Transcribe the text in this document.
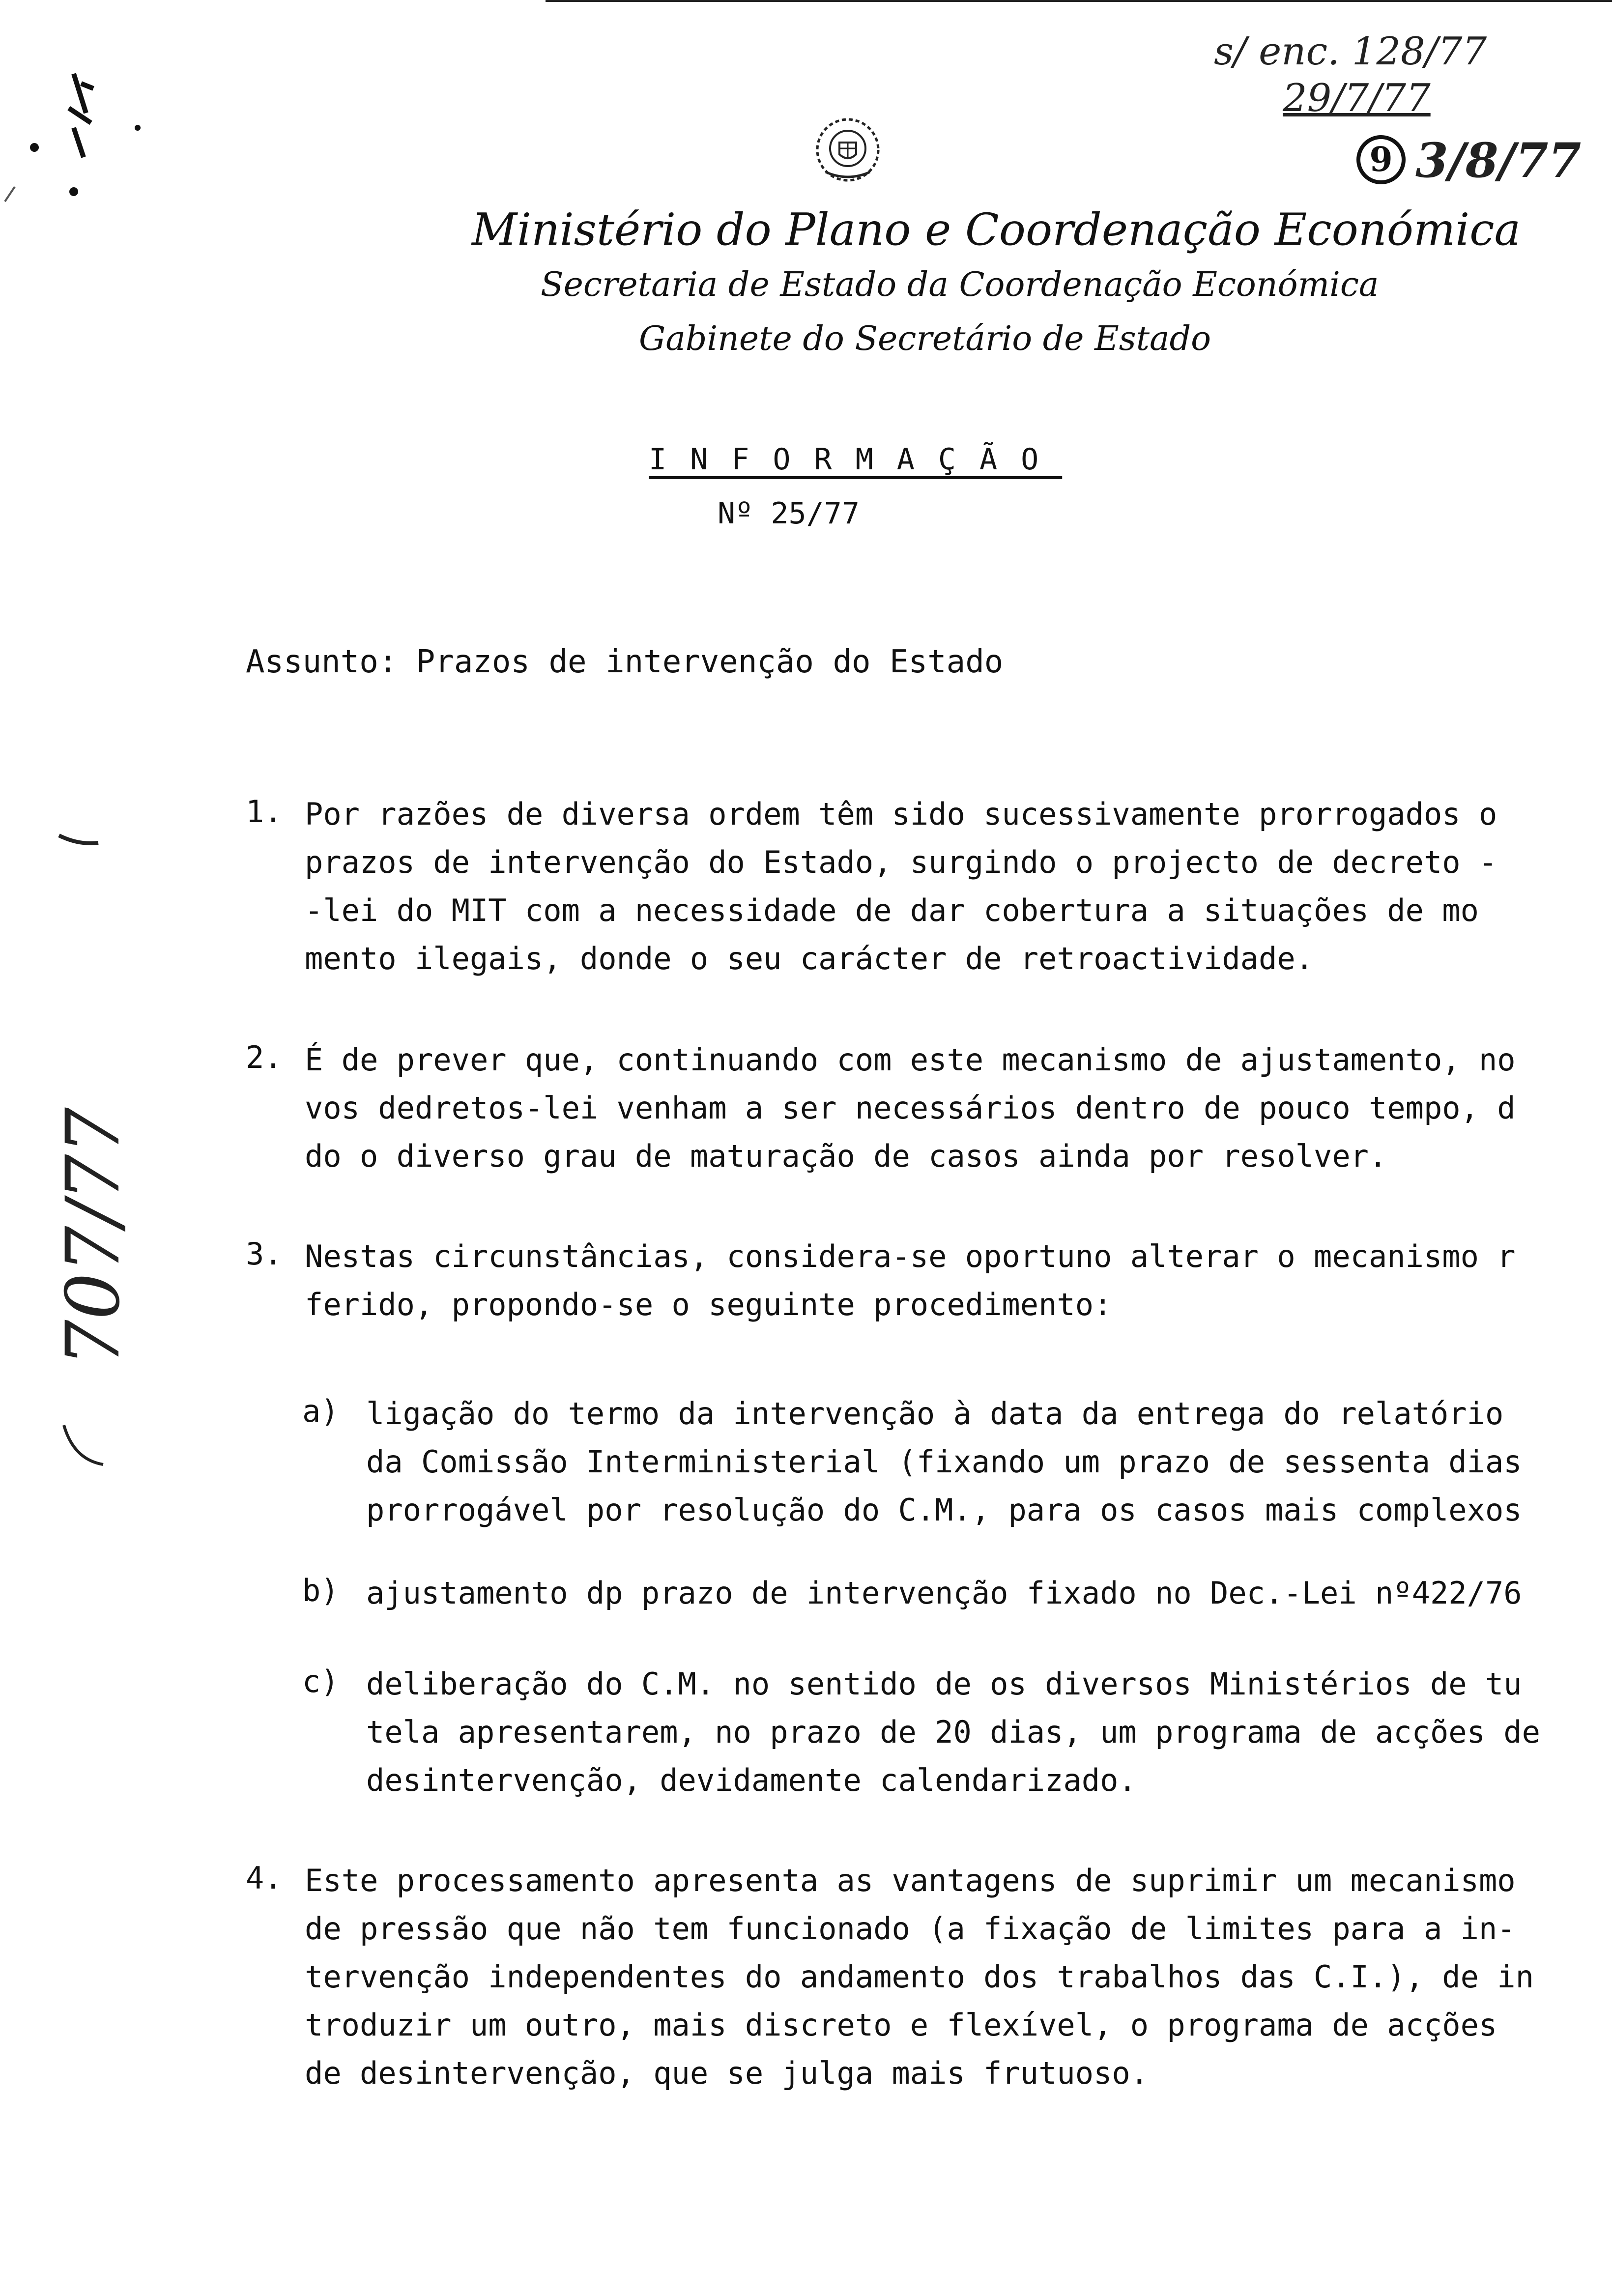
s/ enc. 128/77
29/7/77
9 3/8/77
Ministério do Plano e Coordenação Económica
Secretaria de Estado da Coordenação Económica
Gabinete do Secretário de Estado
INFORMAÇÃO
Nº 25/77
Assunto: Prazos de intervenção do Estado
1. Por razões de diversa ordem têm sido sucessivamente prorrogados o
prazos de intervenção do Estado, surgindo o projecto de decreto -
-lei do MIT com a necessidade de dar cobertura a situações de mo
mento ilegais, donde o seu carácter de retroactividade.
2. É de prever que, continuando com este mecanismo de ajustamento, no
vos dedretos-lei venham a ser necessários dentro de pouco tempo, d
do o diverso grau de maturação de casos ainda por resolver.
3. Nestas circunstâncias, considera-se oportuno alterar o mecanismo r
ferido, propondo-se o seguinte procedimento:
a) ligação do termo da intervenção à data da entrega do relatório
da Comissão Interministerial (fixando um prazo de sessenta dias
prorrogável por resolução do C.M., para os casos mais complexos
b) ajustamento dp prazo de intervenção fixado no Dec.-Lei nº422/76
c) deliberação do C.M. no sentido de os diversos Ministérios de tu
tela apresentarem, no prazo de 20 dias, um programa de acções de
desintervenção, devidamente calendarizado.
4. Este processamento apresenta as vantagens de suprimir um mecanismo
de pressão que não tem funcionado (a fixação de limites para a in-
tervenção independentes do andamento dos trabalhos das C.I.), de in
troduzir um outro, mais discreto e flexível, o programa de acções
de desintervenção, que se julga mais frutuoso.
707/77
